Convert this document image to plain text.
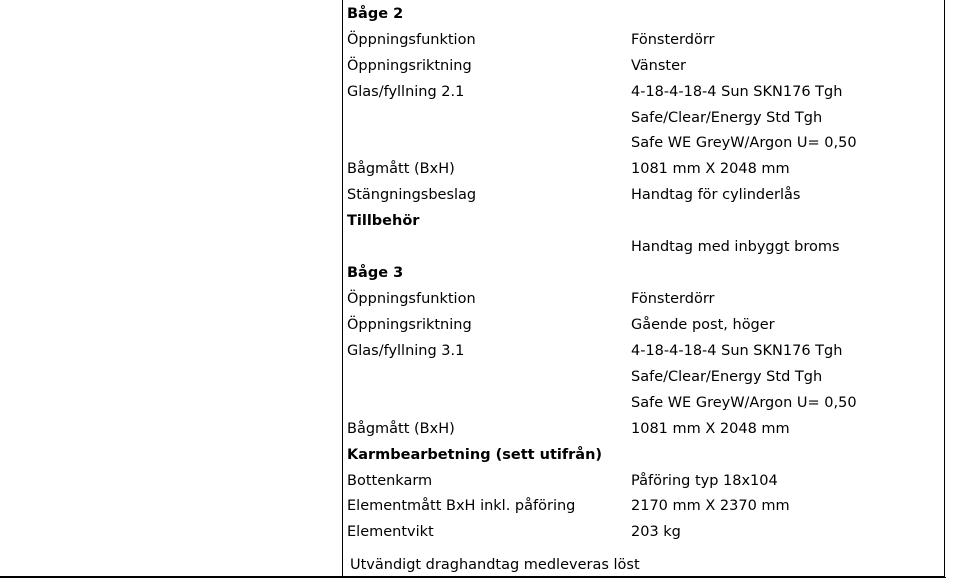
Båge 2
Öppningsfunktion	Fönsterdörr
Öppningsriktning	Vänster
Glas/fyllning 2.1	4-18-4-18-4 Sun SKN176 Tgh
Safe/Clear/Energy Std Tgh
Safe WE GreyW/Argon U= 0,50
Bågmått (BxH)	1081 mm X 2048 mm
Stängningsbeslag	Handtag för cylinderlås
Tillbehör
Handtag med inbyggt broms
Båge 3
Öppningsfunktion	Fönsterdörr
Öppningsriktning	Gående post, höger
Glas/fyllning 3.1	4-18-4-18-4 Sun SKN176 Tgh
Safe/Clear/Energy Std Tgh
Safe WE GreyW/Argon U= 0,50
Bågmått (BxH)	1081 mm X 2048 mm
Karmbearbetning (sett utifrån)
Bottenkarm	Påföring typ 18x104
Elementmått BxH inkl. påföring	2170 mm X 2370 mm
Elementvikt	203 kg
Utvändigt draghandtag medleveras löst
